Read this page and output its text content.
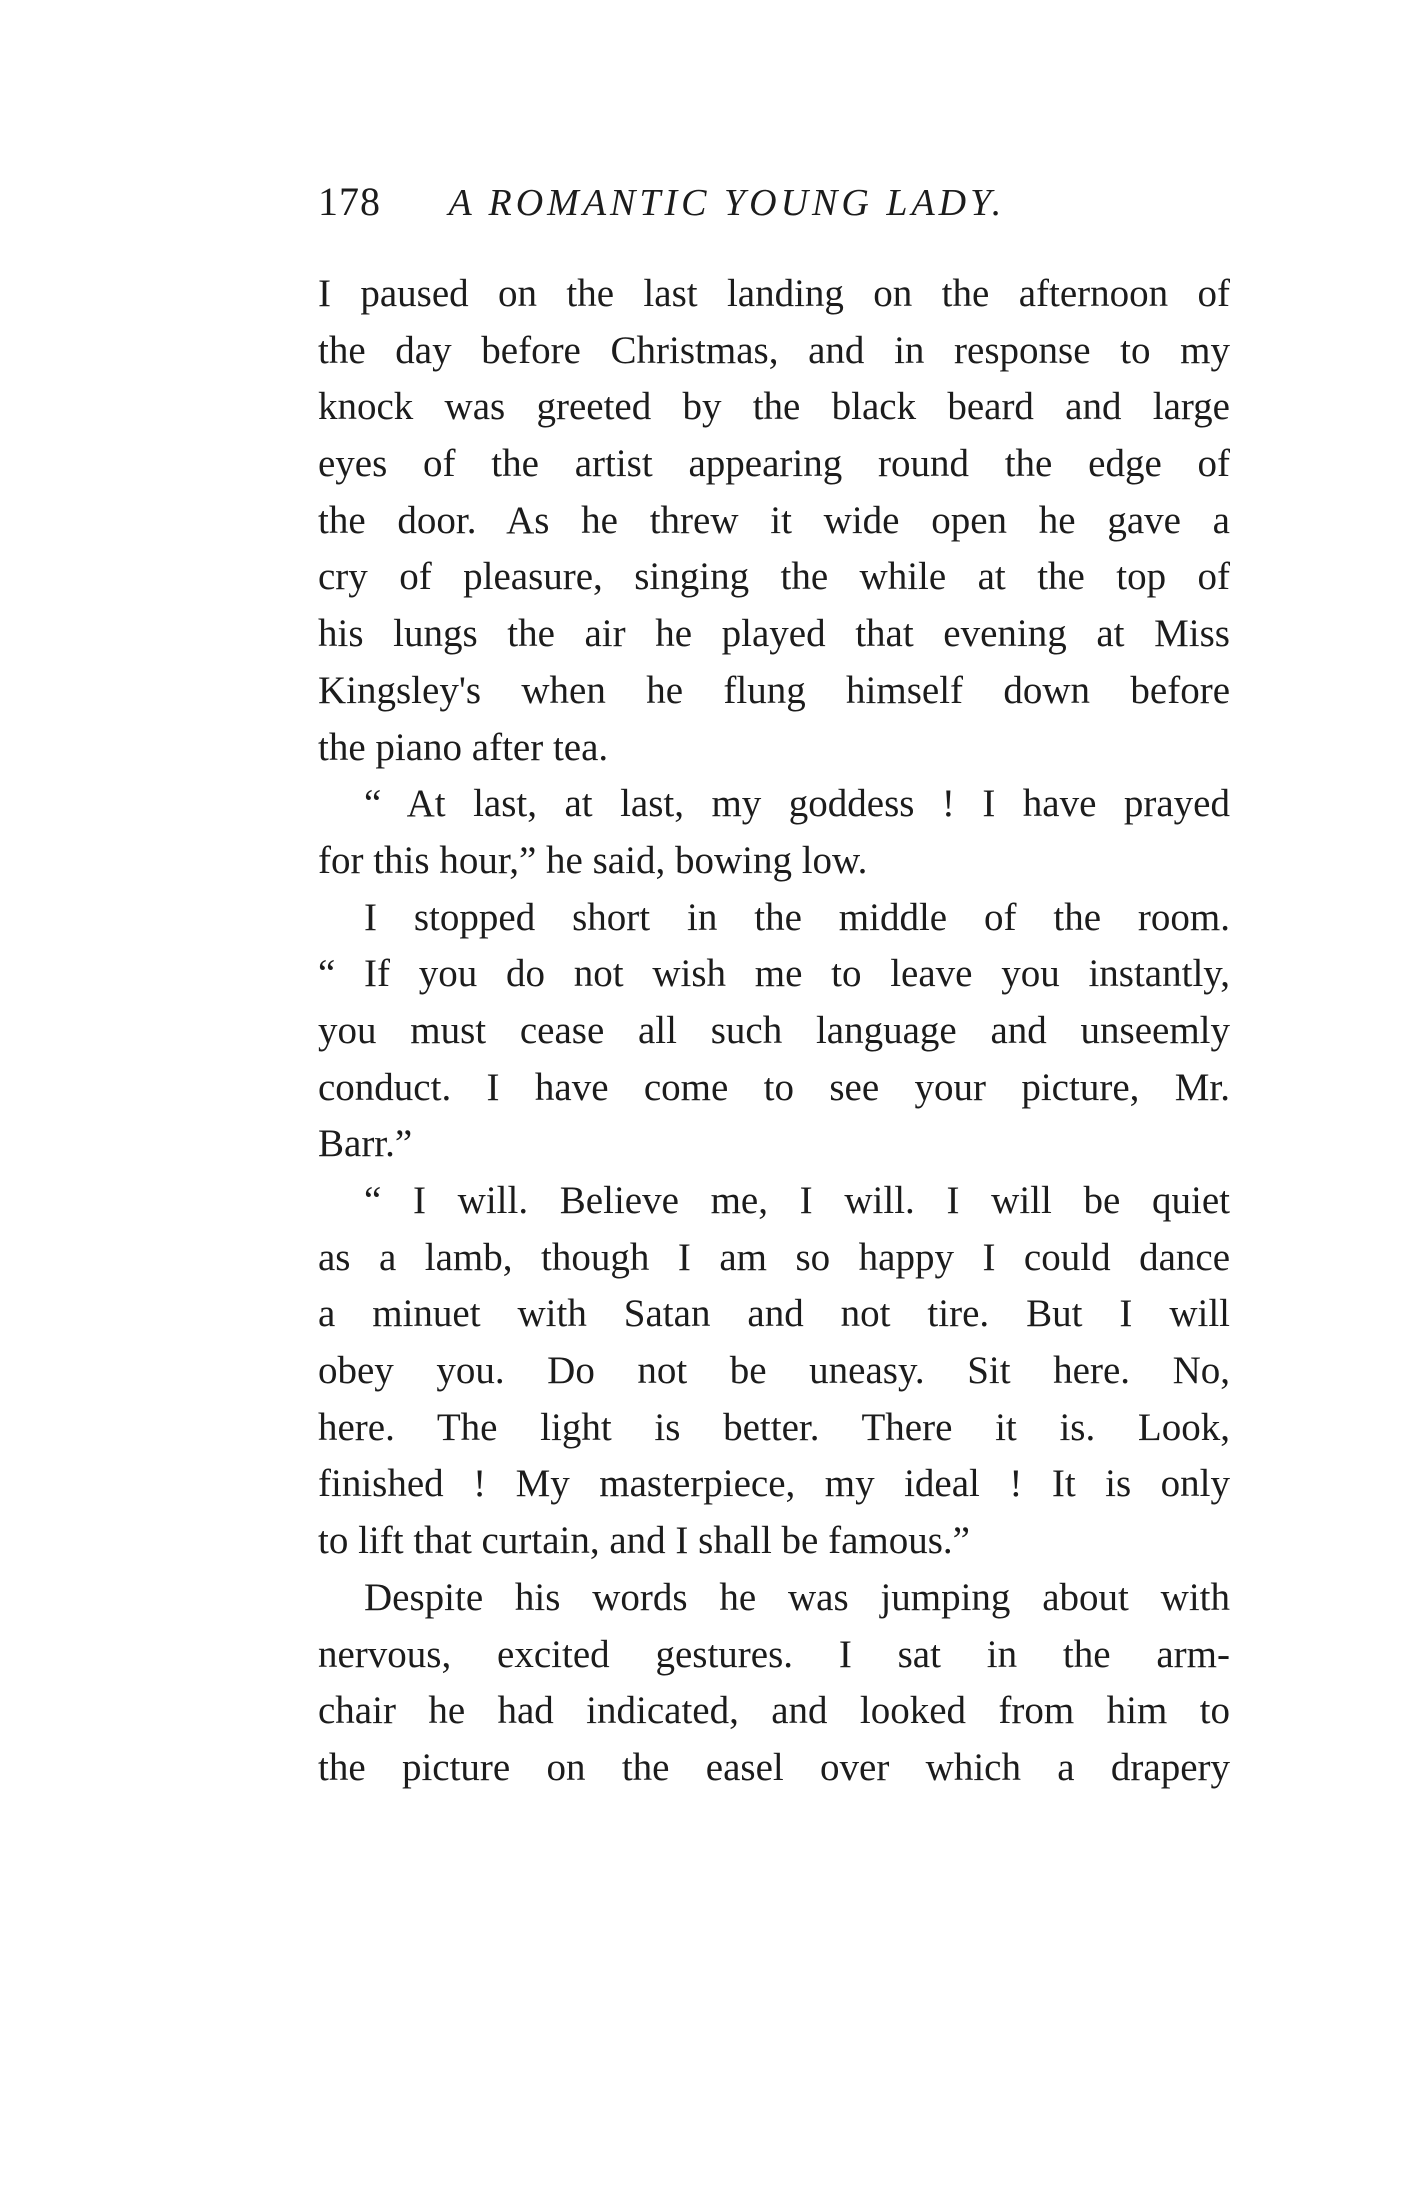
178 A ROMANTIC YOUNG LADY.
I paused on the last landing on the afternoon of
the day before Christmas, and in response to my
knock was greeted by the black beard and large
eyes of the artist appearing round the edge of
the door. As he threw it wide open he gave a
cry of pleasure, singing the while at the top of
his lungs the air he played that evening at Miss
Kingsley's when he flung himself down before
the piano after tea.
“ At last, at last, my goddess ! I have prayed
for this hour,” he said, bowing low.
I stopped short in the middle of the room.
“ If you do not wish me to leave you instantly,
you must cease all such language and unseemly
conduct. I have come to see your picture, Mr.
Barr.”
“ I will. Believe me, I will. I will be quiet
as a lamb, though I am so happy I could dance
a minuet with Satan and not tire. But I will
obey you. Do not be uneasy. Sit here. No,
here. The light is better. There it is. Look,
finished ! My masterpiece, my ideal ! It is only
to lift that curtain, and I shall be famous.”
Despite his words he was jumping about with
nervous, excited gestures. I sat in the arm-
chair he had indicated, and looked from him to
the picture on the easel over which a drapery
